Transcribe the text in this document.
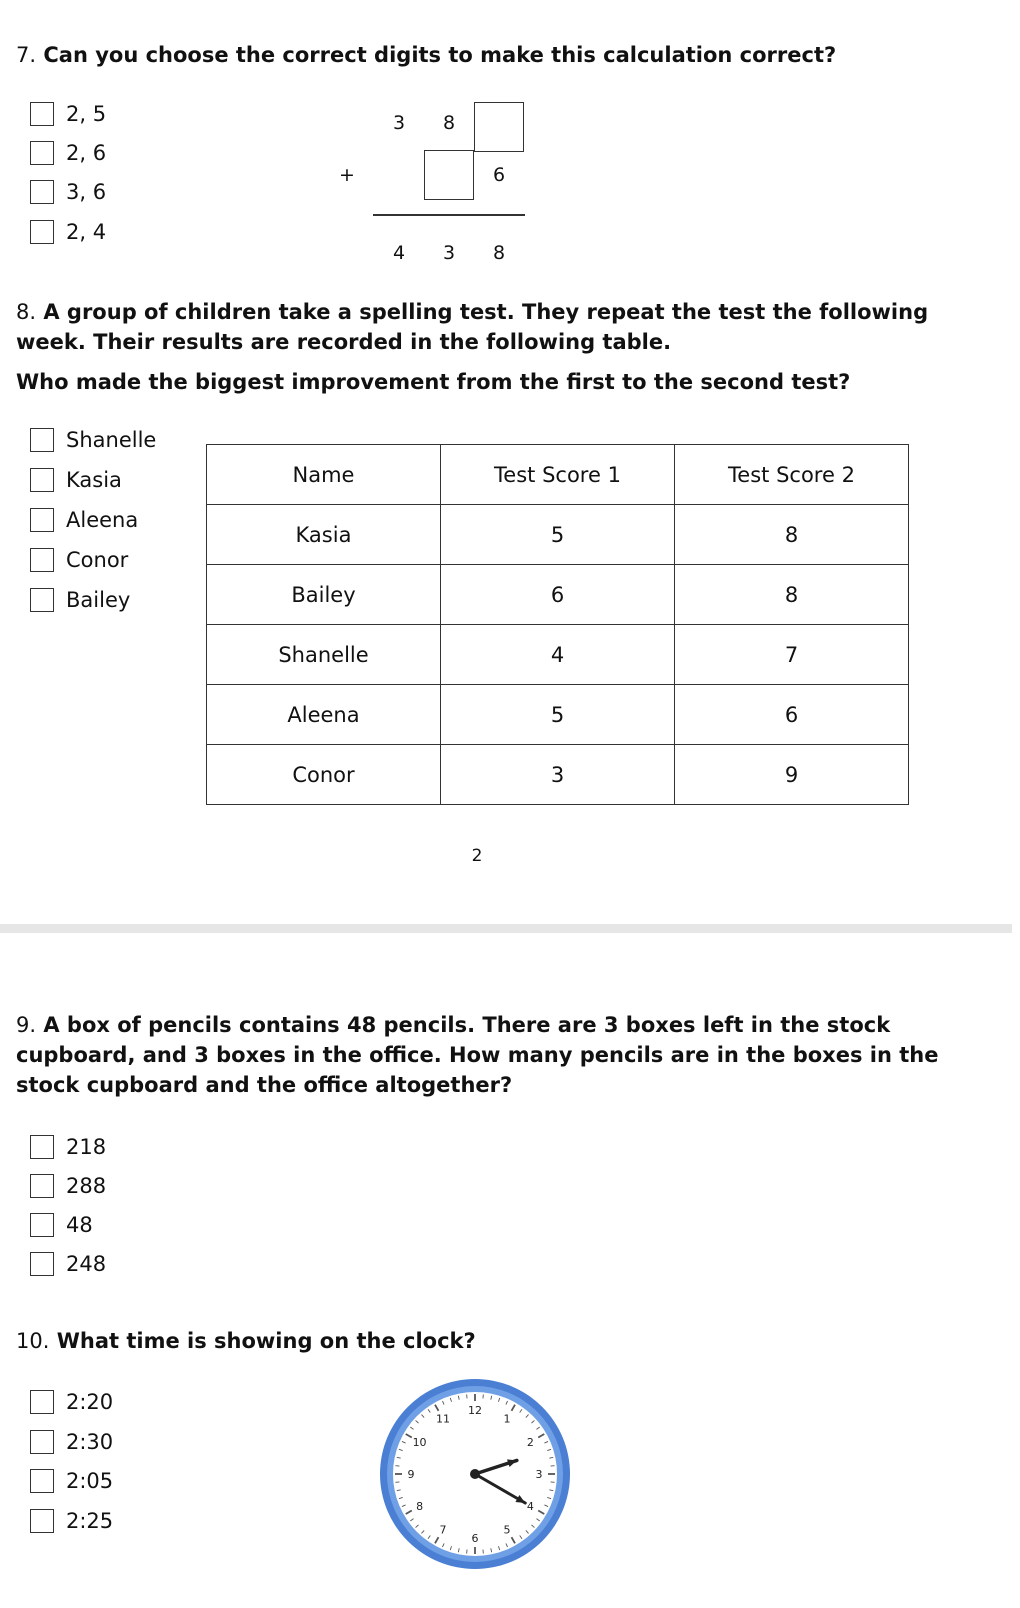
7. Can you choose the correct digits to make this calculation correct?
2, 5
2, 6
3, 6
2, 4
3	8
+	6
4	3	8
8. A group of children take a spelling test. They repeat the test the following
week. Their results are recorded in the following table.
Who made the biggest improvement from the first to the second test?
Shanelle
Kasia
Aleena
Conor
Bailey
Name	Test Score 1	Test Score 2
Kasia	5	8
Bailey	6	8
Shanelle	4	7
Aleena	5	6
Conor	3	9
2
9. A box of pencils contains 48 pencils. There are 3 boxes left in the stock
cupboard, and 3 boxes in the office. How many pencils are in the boxes in the
stock cupboard and the office altogether?
218
288
48
248
10. What time is showing on the clock?
2:20
2:30
2:05
2:25
12
1
2
3
4
5
6
7
8
9
10
11
